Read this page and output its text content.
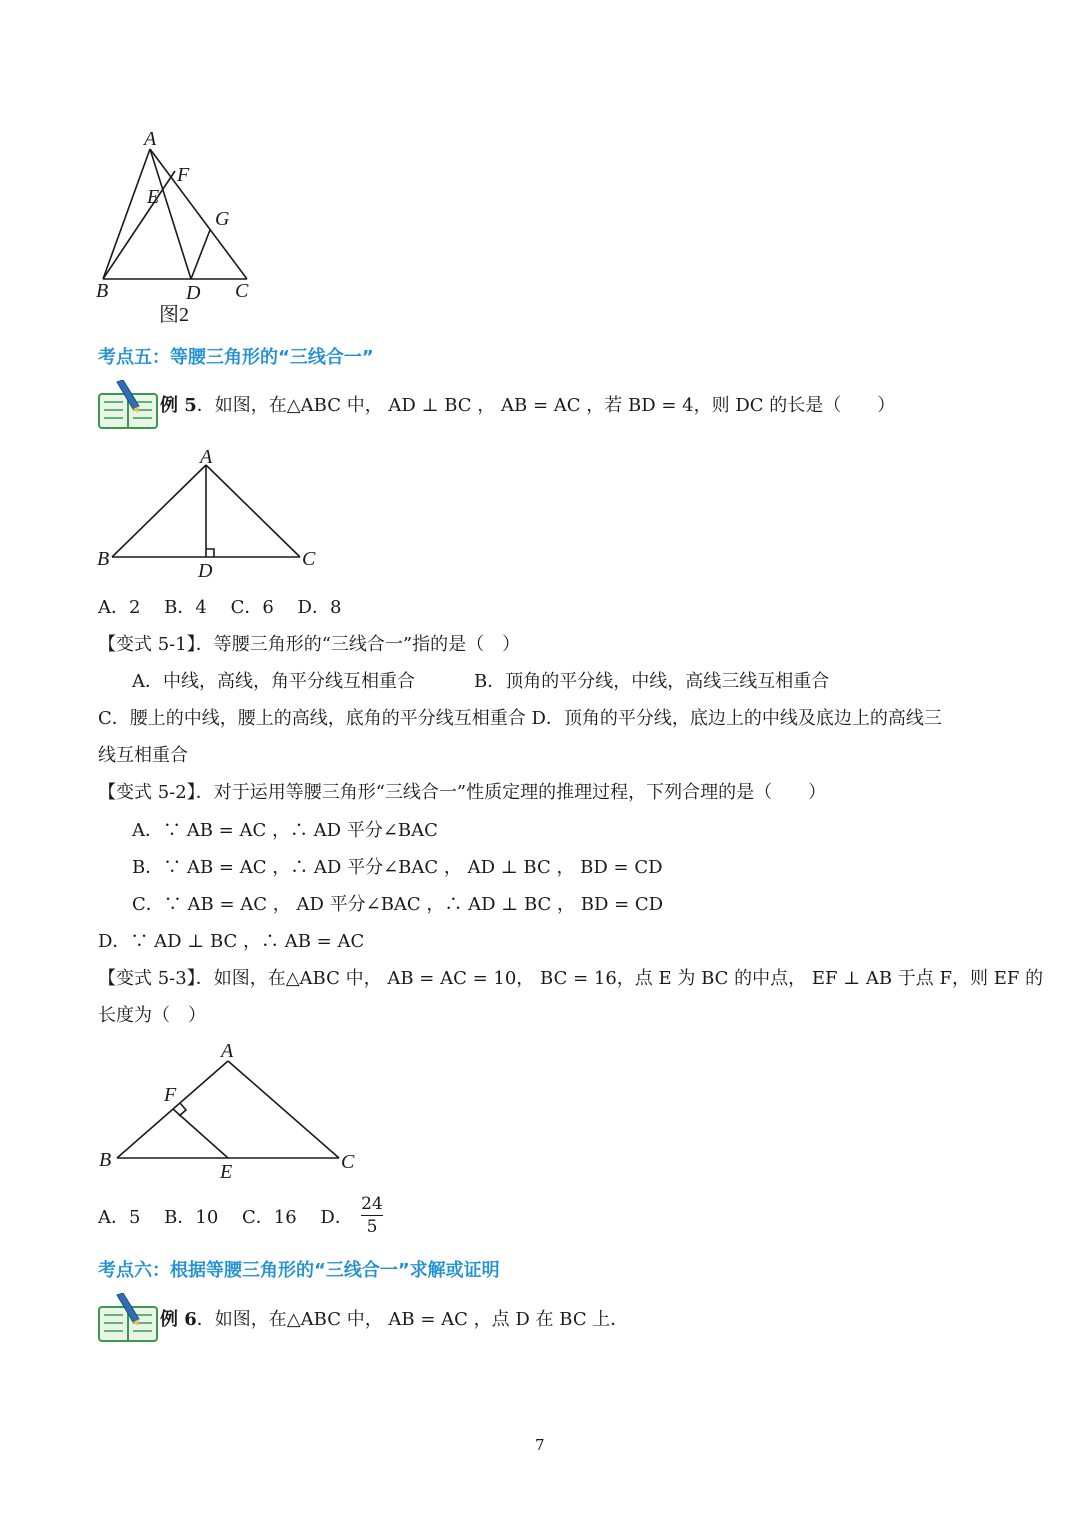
A
F
E
G
B	D C
图2
考点五：等腰三角形的“三线合一”
例 5．如图，在△ABC 中， AD ⊥ BC ， AB = AC ，若 BD = 4，则 DC 的长是（　　）
A
B	C
D
A．2　 B．4　 C．6　 D．8
【变式 5-1】．等腰三角形的“三线合一”指的是（　）
A．中线，高线，角平分线互相重合	B．顶角的平分线，中线，高线三线互相重合
C．腰上的中线，腰上的高线，底角的平分线互相重合 D．顶角的平分线，底边上的中线及底边上的高线三
线互相重合
【变式 5-2】．对于运用等腰三角形“三线合一”性质定理的推理过程，下列合理的是（　　）
A．∵ AB = AC ，∴ AD 平分∠BAC
B．∵ AB = AC ，∴ AD 平分∠BAC ， AD ⊥ BC ， BD = CD
C．∵ AB = AC ， AD 平分∠BAC ，∴ AD ⊥ BC ， BD = CD
D．∵ AD ⊥ BC ，∴ AB = AC
【变式 5-3】．如图，在△ABC 中， AB = AC = 10， BC = 16，点 E 为 BC 的中点， EF ⊥ AB 于点 F，则 EF 的
长度为（　）
A
F
B
E	C
A．5　 B．10　 C．16　 D．
24
5
考点六：根据等腰三角形的“三线合一”求解或证明
例 6．如图，在△ABC 中， AB = AC ，点 D 在 BC 上．
7
